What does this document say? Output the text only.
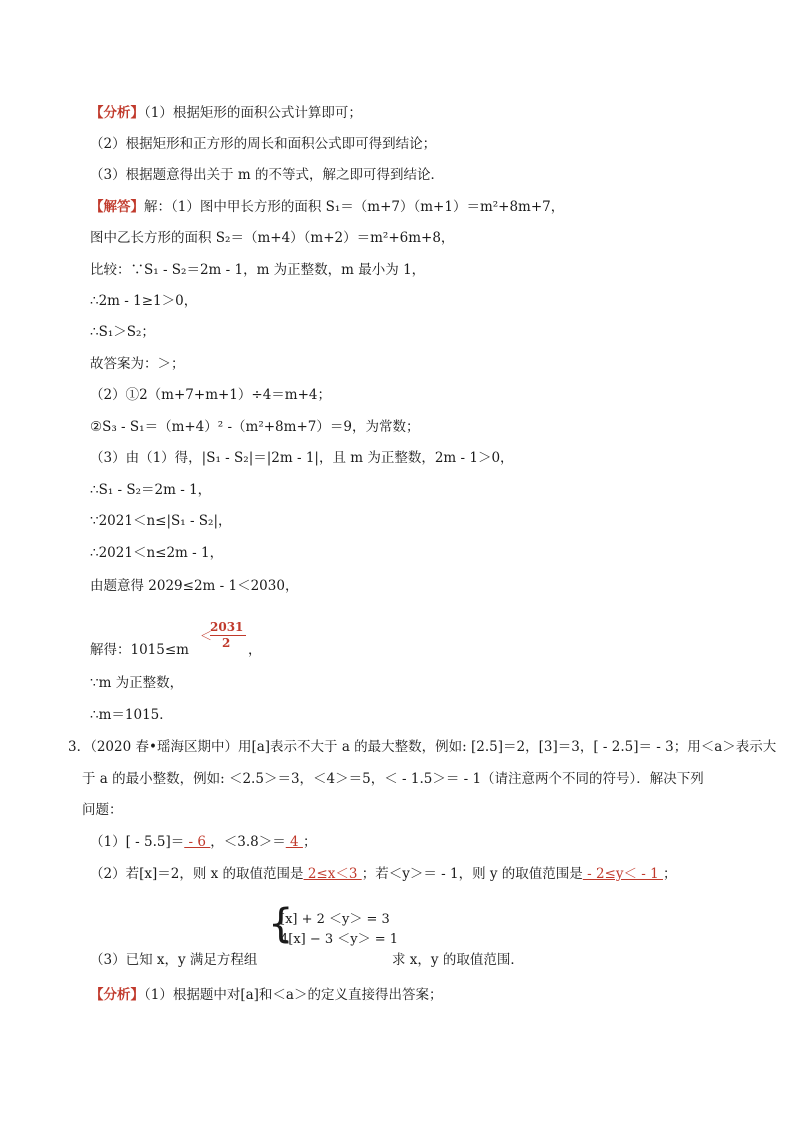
【分析】（1）根据矩形的面积公式计算即可；
（2）根据矩形和正方形的周长和面积公式即可得到结论；
（3）根据题意得出关于 m 的不等式，解之即可得到结论．
【解答】解：（1）图中甲长方形的面积 S₁＝（m+7）（m+1）＝m²+8m+7，
图中乙长方形的面积 S₂＝（m+4）（m+2）＝m²+6m+8，
比较：∵S₁ - S₂＝2m - 1，m 为正整数，m 最小为 1，
∴2m - 1≥1＞0，
∴S₁＞S₂；
故答案为：＞；
（2）①2（m+7+m+1）÷4＝m+4；
②S₃ - S₁＝（m+4）² -（m²+8m+7）＝9，为常数；
（3）由（1）得，|S₁ - S₂|＝|2m - 1|，且 m 为正整数，2m - 1＞0，
∴S₁ - S₂＝2m - 1，
∵2021＜n≤|S₁ - S₂|，
∴2021＜n≤2m - 1，
由题意得 2029≤2m - 1＜2030，
解得：1015≤m
＜
2031
2 ，
∵m 为正整数，
∴m＝1015．
3．（2020 春•瑶海区期中）用[a]表示不大于 a 的最大整数，例如: [2.5]＝2，[3]＝3，[ - 2.5]＝ - 3；用＜a＞表示大
于 a 的最小整数，例如: ＜2.5＞＝3，＜4＞＝5，＜ - 1.5＞＝ - 1（请注意两个不同的符号）．解决下列
问题：
（1）[ - 5.5]＝ - 6 ，＜3.8＞＝ 4 ；
（2）若[x]＝2，则 x 的取值范围是 2≤x＜3 ；若＜y＞＝ - 1，则 y 的取值范围是 - 2≤y＜ - 1 ；
{
[x] + 2 ＜y＞ = 3
4[x] − 3 ＜y＞ = 1
（3）已知 x，y 满足方程组	求 x，y 的取值范围．
【分析】（1）根据题中对[a]和＜a＞的定义直接得出答案；
